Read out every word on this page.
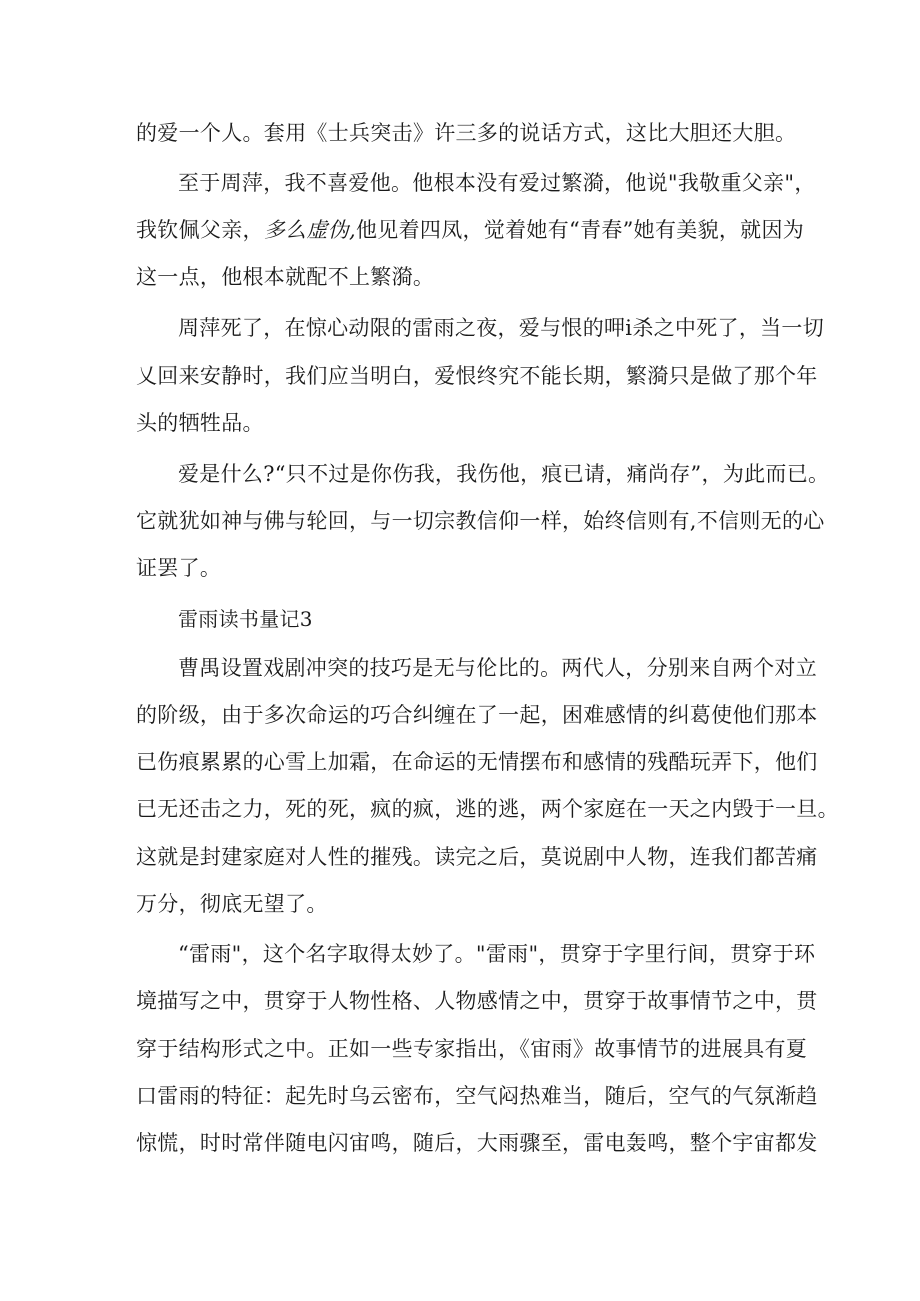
的爱一个人。套用《士兵突击》许三多的说话方式，这比大胆还大胆。
至于周萍，我不喜爱他。他根本没有爱过繁漪，他说"我敬重父亲"，
我钦佩父亲，多么虚伪,他见着四凤，觉着她有“青春”她有美貌，就因为
这一点，他根本就配不上繁漪。
周萍死了，在惊心动限的雷雨之夜，爱与恨的呷i杀之中死了，当一切
乂回来安静时，我们应当明白，爱恨终究不能长期，繁漪只是做了那个年
头的牺牲品。
爱是什么?“只不过是你伤我，我伤他，痕已请，痛尚存”，为此而已。
它就犹如神与佛与轮回，与一切宗教信仰一样，始终信则有,不信则无的心
证罢了。
雷雨读书量记3
曹禺设置戏剧冲突的技巧是无与伦比的。两代人，分别来自两个对立
的阶级，由于多次命运的巧合纠缠在了一起，困难感情的纠葛使他们那本
已伤痕累累的心雪上加霜，在命运的无情摆布和感情的残酷玩弄下，他们
已无还击之力，死的死，疯的疯，逃的逃，两个家庭在一天之内毁于一旦。
这就是封建家庭对人性的摧残。读完之后，莫说剧中人物，连我们都苦痛
万分，彻底无望了。
“雷雨"，这个名字取得太妙了。"雷雨"，贯穿于字里行间，贯穿于环
境描写之中，贯穿于人物性格、人物感情之中，贯穿于故事情节之中，贯
穿于结构形式之中。正如一些专家指出，《宙雨》故事情节的进展具有夏
口雷雨的特征：起先时乌云密布，空气闷热难当，随后，空气的气氛渐趋
惊慌，时时常伴随电闪宙鸣，随后，大雨骤至，雷电轰鸣，整个宇宙都发
